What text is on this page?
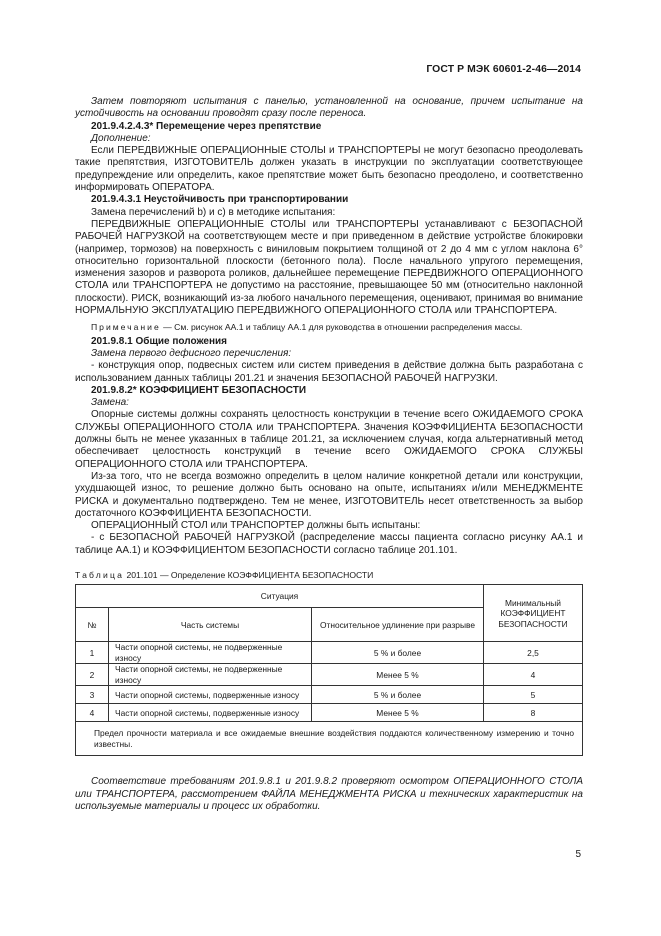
ГОСТ Р МЭК 60601-2-46—2014

Затем повторяют испытания с панелью, установленной на основание, причем испытание на устойчивость на основании проводят сразу после переноса.

201.9.4.2.4.3* Перемещение через препятствие

Дополнение:

Если ПЕРЕДВИЖНЫЕ ОПЕРАЦИОННЫЕ СТОЛЫ и ТРАНСПОРТЕРЫ не могут безопасно преодолевать такие препятствия, ИЗГОТОВИТЕЛЬ должен указать в инструкции по эксплуатации соответствующее предупреждение или определить, какое препятствие может быть безопасно преодолено, и соответственно информировать ОПЕРАТОРА.

201.9.4.3.1 Неустойчивость при транспортировании

Замена перечислений b) и с) в методике испытания:

ПЕРЕДВИЖНЫЕ ОПЕРАЦИОННЫЕ СТОЛЫ или ТРАНСПОРТЕРЫ устанавливают с БЕЗОПАСНОЙ РАБОЧЕЙ НАГРУЗКОЙ на соответствующем месте и при приведенном в действие устройстве блокировки (например, тормозов) на поверхность с виниловым покрытием толщиной от 2 до 4 мм с углом наклона 6° относительно горизонтальной плоскости (бетонного пола). После начального упругого перемещения, изменения зазоров и разворота роликов, дальнейшее перемещение ПЕРЕДВИЖНОГО ОПЕРАЦИОННОГО СТОЛА или ТРАНСПОРТЕРА не допустимо на расстояние, превышающее 50 мм (относительно наклонной плоскости). РИСК, возникающий из-за любого начального перемещения, оценивают, принимая во внимание НОРМАЛЬНУЮ ЭКСПЛУАТАЦИЮ ПЕРЕДВИЖНОГО ОПЕРАЦИОННОГО СТОЛА или ТРАНСПОРТЕРА.

Примечание — См. рисунок АА.1 и таблицу АА.1 для руководства в отношении распределения массы.

201.9.8.1 Общие положения

Замена первого дефисного перечисления:

- конструкция опор, подвесных систем или систем приведения в действие должна быть разработана с использованием данных таблицы 201.21 и значения БЕЗОПАСНОЙ РАБОЧЕЙ НАГРУЗКИ.

201.9.8.2* КОЭФФИЦИЕНТ БЕЗОПАСНОСТИ

Замена:

Опорные системы должны сохранять целостность конструкции в течение всего ОЖИДАЕМОГО СРОКА СЛУЖБЫ ОПЕРАЦИОННОГО СТОЛА или ТРАНСПОРТЕРА. Значения КОЭФФИЦИЕНТА БЕЗОПАСНОСТИ должны быть не менее указанных в таблице 201.21, за исключением случая, когда альтернативный метод обеспечивает целостность конструкций в течение всего ОЖИДАЕМОГО СРОКА СЛУЖБЫ ОПЕРАЦИОННОГО СТОЛА или ТРАНСПОРТЕРА.

Из-за того, что не всегда возможно определить в целом наличие конкретной детали или конструкции, ухудшающей износ, то решение должно быть основано на опыте, испытаниях и/или МЕНЕДЖМЕНТЕ РИСКА и документально подтверждено. Тем не менее, ИЗГОТОВИТЕЛЬ несет ответственность за выбор достаточного КОЭФФИЦИЕНТА БЕЗОПАСНОСТИ.

ОПЕРАЦИОННЫЙ СТОЛ или ТРАНСПОРТЕР должны быть испытаны:

- с БЕЗОПАСНОЙ РАБОЧЕЙ НАГРУЗКОЙ (распределение массы пациента согласно рисунку АА.1 и таблице АА.1) и КОЭФФИЦИЕНТОМ БЕЗОПАСНОСТИ согласно таблице 201.101.

Таблица 201.101 — Определение КОЭФФИЦИЕНТА БЕЗОПАСНОСТИ

Ситуация			Минимальный КОЭФФИЦИЕНТ БЕЗОПАСНОСТИ
№	Часть системы	Относительное удлинение при разрыве	
1	Части опорной системы, не подверженные износу	5 % и более	2,5
2	Части опорной системы, не подверженные износу	Менее 5 %	4
3	Части опорной системы, подверженные износу	5 % и более	5
4	Части опорной системы, подверженные износу	Менее 5 %	8
Предел прочности материала и все ожидаемые внешние воздействия поддаются количественному измерению и точно известны.			

Соответствие требованиям 201.9.8.1 и 201.9.8.2 проверяют осмотром ОПЕРАЦИОННОГО СТОЛА или ТРАНСПОРТЕРА, рассмотрением ФАЙЛА МЕНЕДЖМЕНТА РИСКА и технических характеристик на используемые материалы и процесс их обработки.

5
